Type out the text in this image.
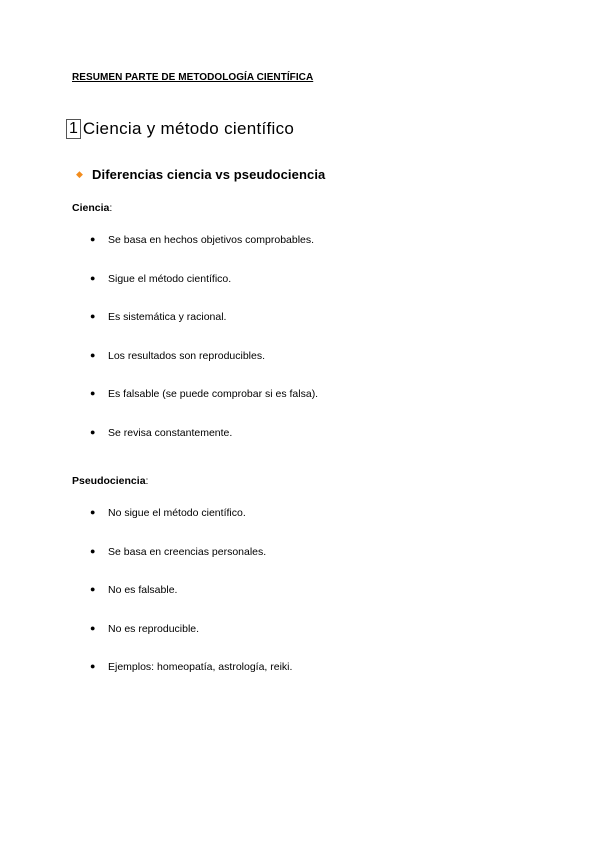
RESUMEN PARTE DE METODOLOGÍA CIENTÍFICA
1 Ciencia y método científico
◆ Diferencias ciencia vs pseudociencia
Ciencia:
● Se basa en hechos objetivos comprobables.
● Sigue el método científico.
● Es sistemática y racional.
● Los resultados son reproducibles.
● Es falsable (se puede comprobar si es falsa).
● Se revisa constantemente.
Pseudociencia:
● No sigue el método científico.
● Se basa en creencias personales.
● No es falsable.
● No es reproducible.
● Ejemplos: homeopatía, astrología, reiki.
